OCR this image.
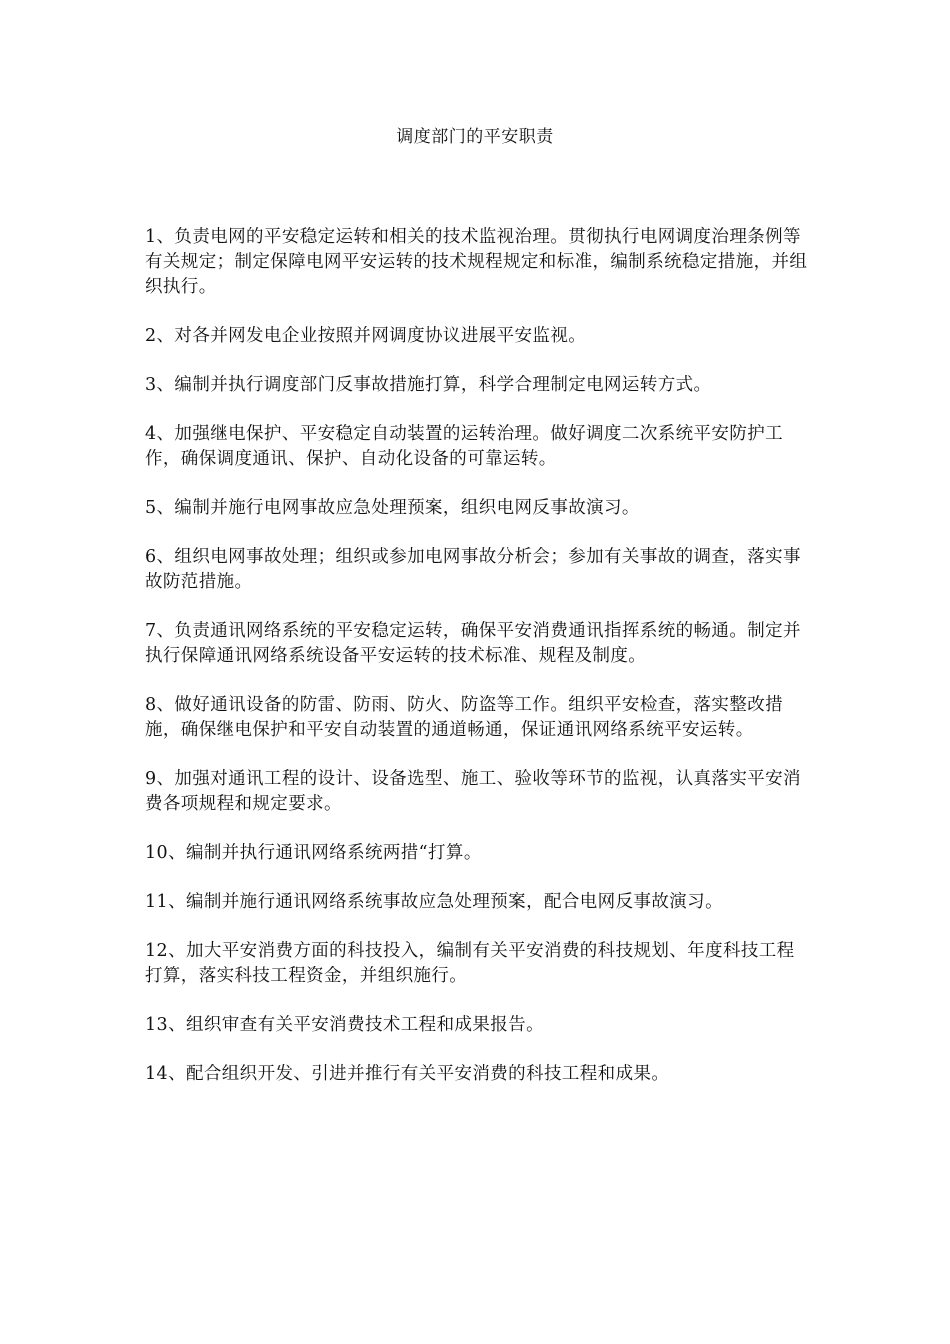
调度部门的平安职责

1、负责电网的平安稳定运转和相关的技术监视治理。贯彻执行电网调度治理条例等有关规定；制定保障电网平安运转的技术规程规定和标准，编制系统稳定措施，并组织执行。

2、对各并网发电企业按照并网调度协议进展平安监视。

3、编制并执行调度部门反事故措施打算，科学合理制定电网运转方式。

4、加强继电保护、平安稳定自动装置的运转治理。做好调度二次系统平安防护工作，确保调度通讯、保护、自动化设备的可靠运转。

5、编制并施行电网事故应急处理预案，组织电网反事故演习。

6、组织电网事故处理；组织或参加电网事故分析会；参加有关事故的调查，落实事故防范措施。

7、负责通讯网络系统的平安稳定运转，确保平安消费通讯指挥系统的畅通。制定并执行保障通讯网络系统设备平安运转的技术标准、规程及制度。

8、做好通讯设备的防雷、防雨、防火、防盗等工作。组织平安检查，落实整改措施，确保继电保护和平安自动装置的通道畅通，保证通讯网络系统平安运转。

9、加强对通讯工程的设计、设备选型、施工、验收等环节的监视，认真落实平安消费各项规程和规定要求。

10、编制并执行通讯网络系统两措“打算。

11、编制并施行通讯网络系统事故应急处理预案，配合电网反事故演习。

12、加大平安消费方面的科技投入，编制有关平安消费的科技规划、年度科技工程打算，落实科技工程资金，并组织施行。

13、组织审查有关平安消费技术工程和成果报告。

14、配合组织开发、引进并推行有关平安消费的科技工程和成果。
